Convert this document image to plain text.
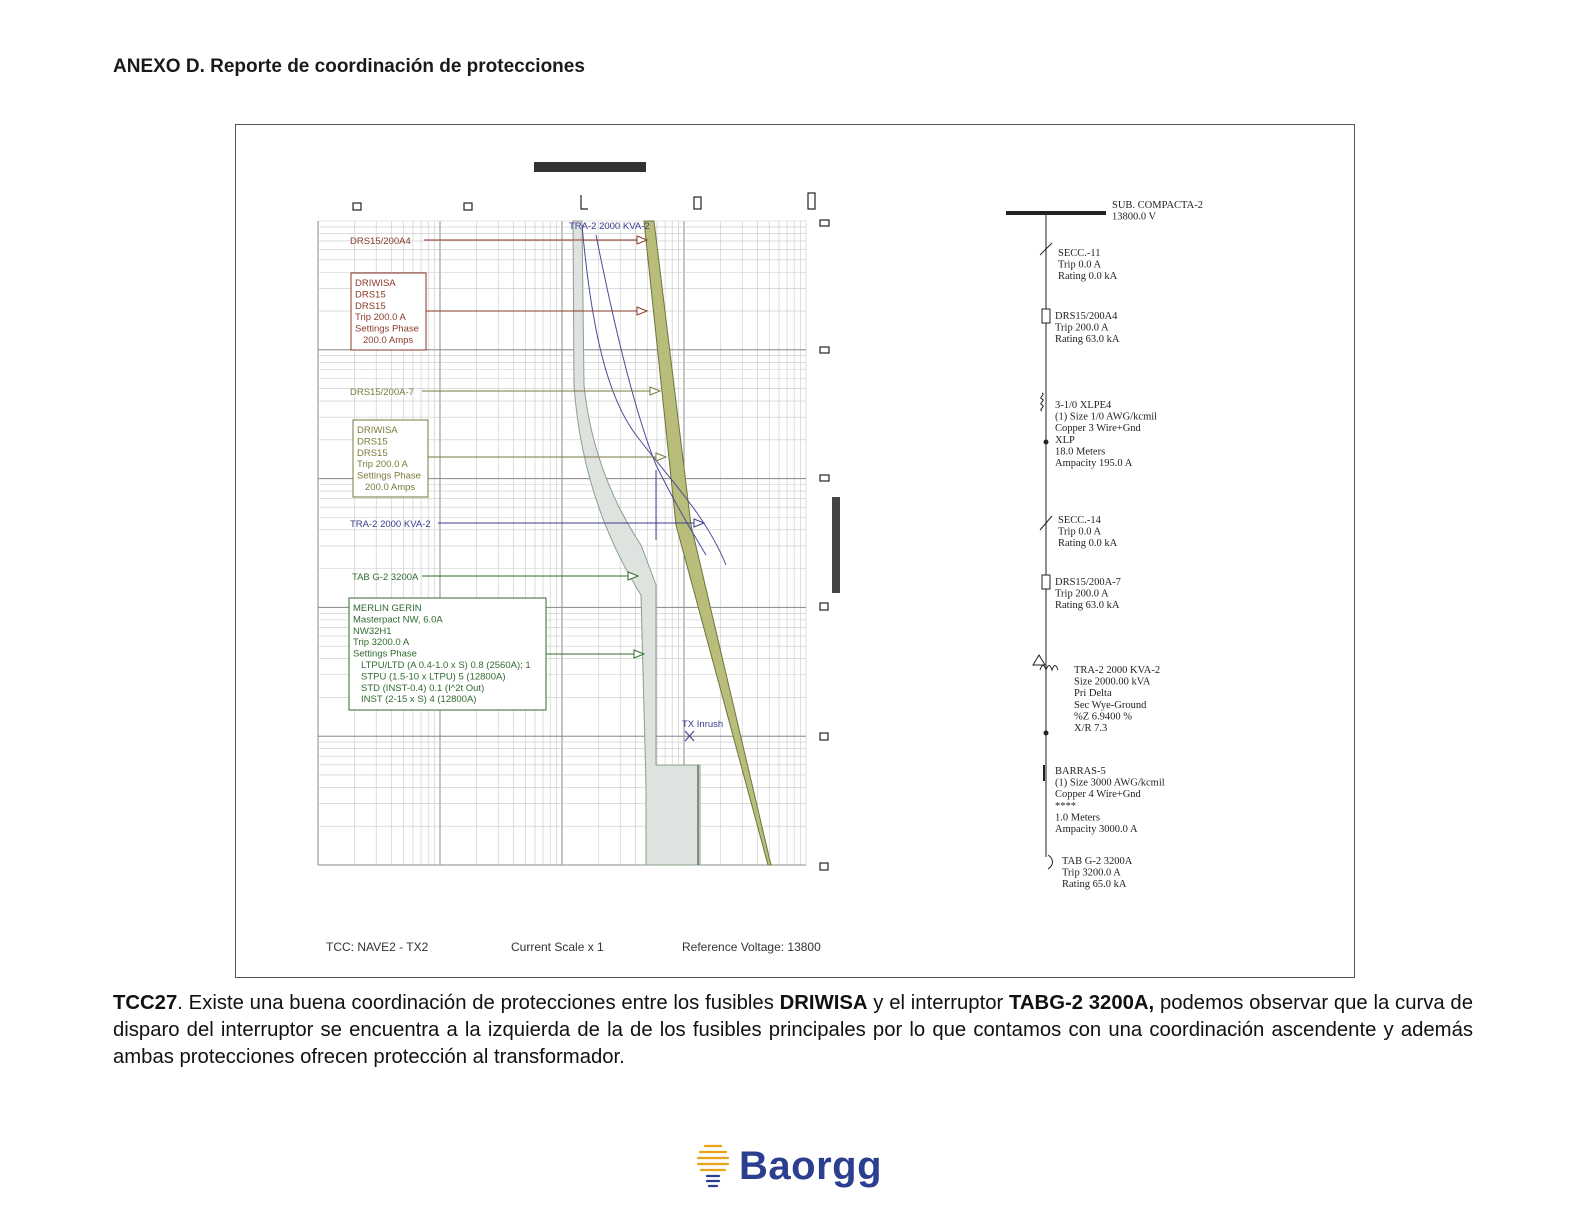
ANEXO D. Reporte de coordinación de protecciones
TRA-2 2000 KVA-2
DRS15/200A4
DRS15/200A-7
TRA-2 2000 KVA-2
TAB G-2 3200A
TX Inrush
DRIWISA
DRS15
DRS15
Trip 200.0 A
Settings Phase
200.0 Amps
DRIWISA
DRS15
DRS15
Trip 200.0 A
Settings Phase
200.0 Amps
MERLIN GERIN
Masterpact NW, 6.0A
NW32H1
Trip 3200.0 A
Settings Phase
LTPU/LTD (A 0.4-1.0 x S) 0.8 (2560A); 1
STPU (1.5-10 x LTPU) 5 (12800A)
STD (INST-0.4) 0.1 (I^2t Out)
INST (2-15 x S) 4 (12800A)
SUB. COMPACTA-2
13800.0 V
SECC.-11
Trip 0.0 A
Rating 0.0 kA
DRS15/200A4
Trip 200.0 A
Rating 63.0 kA
3-1/0 XLPE4
(1) Size 1/0 AWG/kcmil
Copper 3 Wire+Gnd
XLP
18.0 Meters
Ampacity 195.0 A
SECC.-14
Trip 0.0 A
Rating 0.0 kA
DRS15/200A-7
Trip 200.0 A
Rating 63.0 kA
TRA-2 2000 KVA-2
Size 2000.00 kVA
Pri Delta
Sec Wye-Ground
%Z 6.9400 %
X/R 7.3
BARRAS-5
(1) Size 3000 AWG/kcmil
Copper 4 Wire+Gnd
****
1.0 Meters
Ampacity 3000.0 A
TAB G-2 3200A
Trip 3200.0 A
Rating 65.0 kA
TCC: NAVE2 - TX2	Current Scale x 1	Reference Voltage: 13800
TCC27. Existe una buena coordinación de protecciones entre los fusibles DRIWISA y el interruptor TABG-2 3200A, podemos observar que la curva de disparo del interruptor se encuentra a la izquierda de la de los fusibles principales por lo que contamos con una coordinación ascendente y además ambas protecciones ofrecen protección al transformador.
Baorgg
